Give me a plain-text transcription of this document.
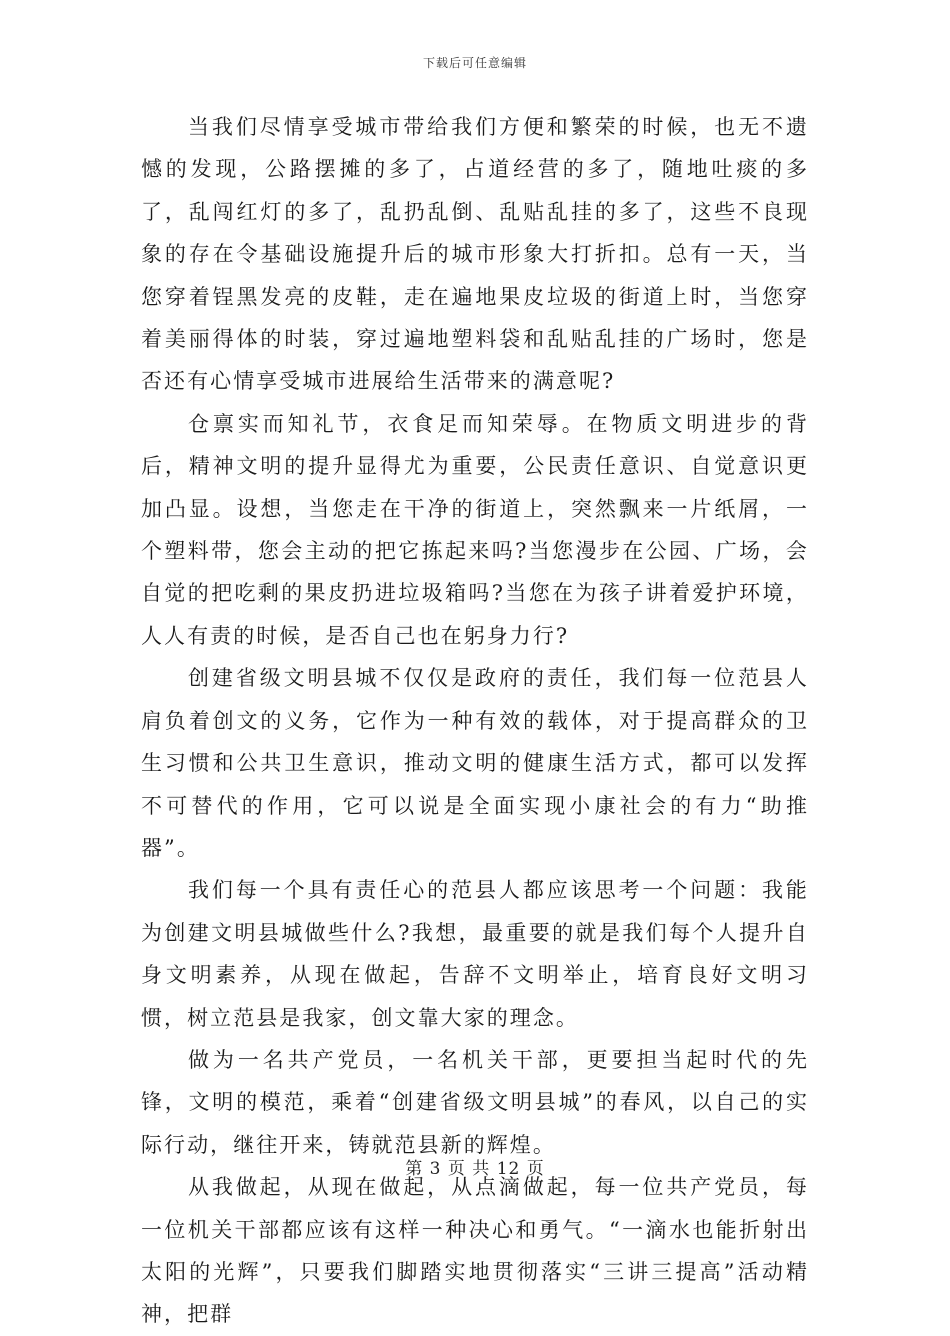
下载后可任意编辑

当我们尽情享受城市带给我们方便和繁荣的时候，也无不遗憾的发现，公路摆摊的多了，占道经营的多了，随地吐痰的多了，乱闯红灯的多了，乱扔乱倒、乱贴乱挂的多了，这些不良现象的存在令基础设施提升后的城市形象大打折扣。总有一天，当您穿着锃黑发亮的皮鞋，走在遍地果皮垃圾的街道上时，当您穿着美丽得体的时装，穿过遍地塑料袋和乱贴乱挂的广场时，您是否还有心情享受城市进展给生活带来的满意呢?

仓禀实而知礼节，衣食足而知荣辱。在物质文明进步的背后，精神文明的提升显得尤为重要，公民责任意识、自觉意识更加凸显。设想，当您走在干净的街道上，突然飘来一片纸屑，一个塑料带，您会主动的把它拣起来吗?当您漫步在公园、广场，会自觉的把吃剩的果皮扔进垃圾箱吗?当您在为孩子讲着爱护环境，人人有责的时候，是否自己也在躬身力行?

创建省级文明县城不仅仅是政府的责任，我们每一位范县人肩负着创文的义务，它作为一种有效的载体，对于提高群众的卫生习惯和公共卫生意识，推动文明的健康生活方式，都可以发挥不可替代的作用，它可以说是全面实现小康社会的有力“助推器”。

我们每一个具有责任心的范县人都应该思考一个问题：我能为创建文明县城做些什么?我想，最重要的就是我们每个人提升自身文明素养，从现在做起，告辞不文明举止，培育良好文明习惯，树立范县是我家，创文靠大家的理念。

做为一名共产党员，一名机关干部，更要担当起时代的先锋，文明的模范，乘着“创建省级文明县城”的春风，以自己的实际行动，继往开来，铸就范县新的辉煌。

从我做起，从现在做起，从点滴做起，每一位共产党员，每一位机关干部都应该有这样一种决心和勇气。“一滴水也能折射出太阳的光辉”，只要我们脚踏实地贯彻落实“三讲三提高”活动精神，把群

第 3 页 共 12 页
